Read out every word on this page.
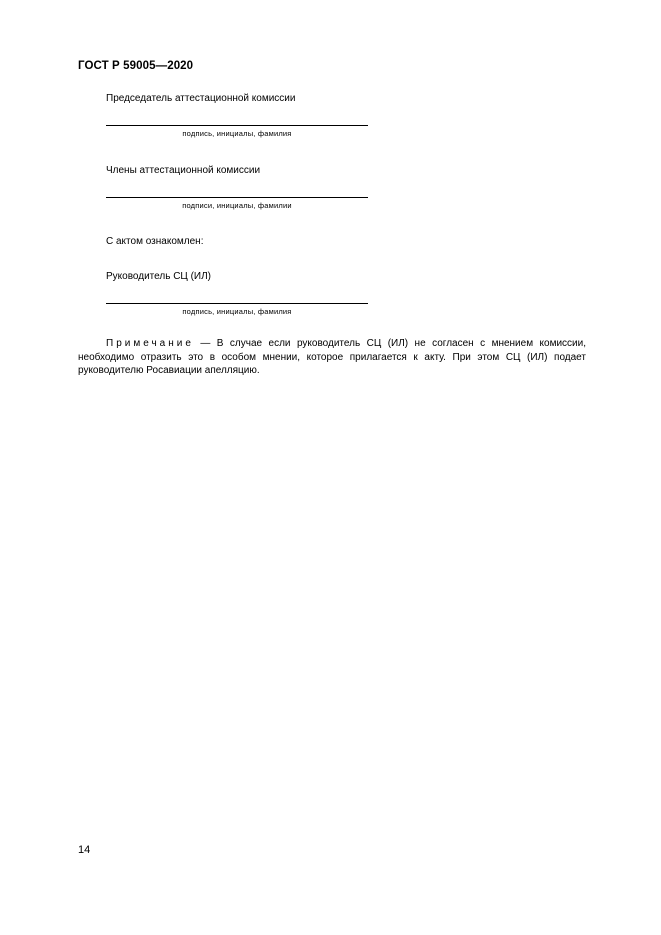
ГОСТ Р 59005—2020
Председатель аттестационной комиссии
подпись, инициалы, фамилия
Члены аттестационной комиссии
подписи, инициалы, фамилии
С актом ознакомлен:
Руководитель СЦ (ИЛ)
подпись, инициалы, фамилия
Примечание — В случае если руководитель СЦ (ИЛ) не согласен с мнением комиссии, необходимо отразить это в особом мнении, которое прилагается к акту. При этом СЦ (ИЛ) подает руководителю Росавиации апелляцию.
14
